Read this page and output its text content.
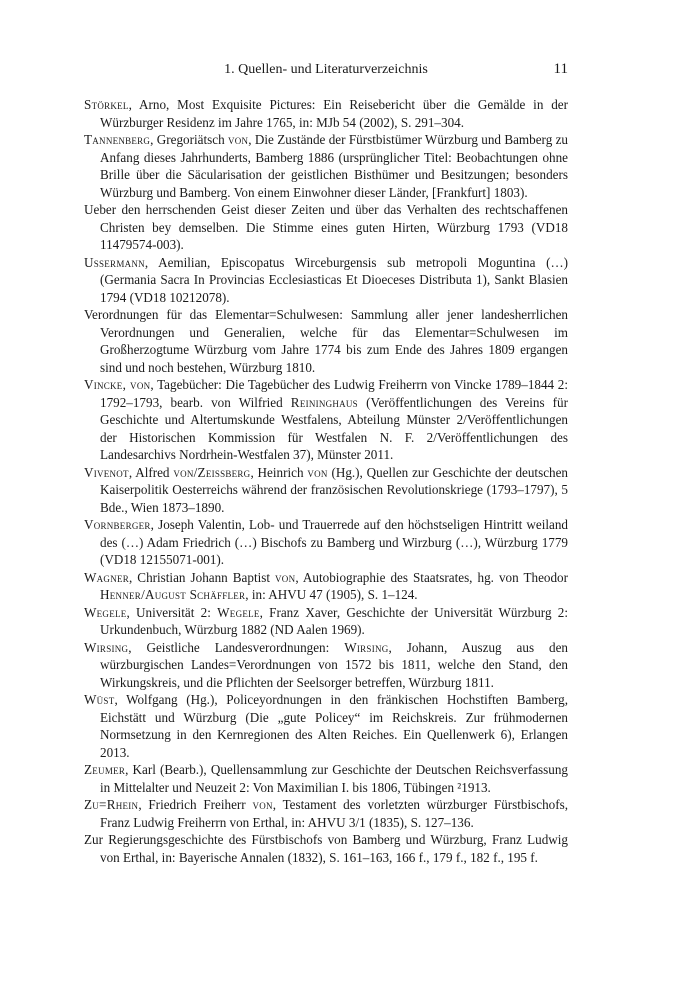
1. Quellen- und Literaturverzeichnis	11
Störkel, Arno, Most Exquisite Pictures: Ein Reisebericht über die Gemälde in der Würzburger Residenz im Jahre 1765, in: MJb 54 (2002), S. 291–304.
Tannenberg, Gregoriätsch von, Die Zustände der Fürstbistümer Würzburg und Bamberg zu Anfang dieses Jahrhunderts, Bamberg 1886 (ursprünglicher Titel: Beobachtungen ohne Brille über die Säcularisation der geistlichen Bisthümer und Besitzungen; besonders Würzburg und Bamberg. Von einem Einwohner dieser Länder, [Frankfurt] 1803).
Ueber den herrschenden Geist dieser Zeiten und über das Verhalten des rechtschaffenen Christen bey demselben. Die Stimme eines guten Hirten, Würzburg 1793 (VD18 11479574-003).
Ussermann, Aemilian, Episcopatus Wirceburgensis sub metropoli Moguntina (…) (Germania Sacra In Provincias Ecclesiasticas Et Dioeceses Distributa 1), Sankt Blasien 1794 (VD18 10212078).
Verordnungen für das Elementar=Schulwesen: Sammlung aller jener landesherrlichen Verordnungen und Generalien, welche für das Elementar=Schulwesen im Großherzogtume Würzburg vom Jahre 1774 bis zum Ende des Jahres 1809 ergangen sind und noch bestehen, Würzburg 1810.
Vincke, von, Tagebücher: Die Tagebücher des Ludwig Freiherrn von Vincke 1789–1844 2: 1792–1793, bearb. von Wilfried Reininghaus (Veröffentlichungen des Vereins für Geschichte und Altertumskunde Westfalens, Abteilung Münster 2/Veröffentlichungen der Historischen Kommission für Westfalen N. F. 2/Veröffentlichungen des Landesarchivs Nordrhein-Westfalen 37), Münster 2011.
Vivenot, Alfred von/Zeissberg, Heinrich von (Hg.), Quellen zur Geschichte der deutschen Kaiserpolitik Oesterreichs während der französischen Revolutionskriege (1793–1797), 5 Bde., Wien 1873–1890.
Vornberger, Joseph Valentin, Lob- und Trauerrede auf den höchstseligen Hintritt weiland des (…) Adam Friedrich (…) Bischofs zu Bamberg und Wirzburg (…), Würzburg 1779 (VD18 12155071-001).
Wagner, Christian Johann Baptist von, Autobiographie des Staatsrates, hg. von Theodor Henner/August Schäffler, in: AHVU 47 (1905), S. 1–124.
Wegele, Universität 2: Wegele, Franz Xaver, Geschichte der Universität Würzburg 2: Urkundenbuch, Würzburg 1882 (ND Aalen 1969).
Wirsing, Geistliche Landesverordnungen: Wirsing, Johann, Auszug aus den würzburgischen Landes=Verordnungen von 1572 bis 1811, welche den Stand, den Wirkungskreis, und die Pflichten der Seelsorger betreffen, Würzburg 1811.
Wüst, Wolfgang (Hg.), Policeyordnungen in den fränkischen Hochstiften Bamberg, Eichstätt und Würzburg (Die „gute Policey“ im Reichskreis. Zur frühmodernen Normsetzung in den Kernregionen des Alten Reiches. Ein Quellenwerk 6), Erlangen 2013.
Zeumer, Karl (Bearb.), Quellensammlung zur Geschichte der Deutschen Reichsverfassung in Mittelalter und Neuzeit 2: Von Maximilian I. bis 1806, Tübingen ²1913.
Zu=Rhein, Friedrich Freiherr von, Testament des vorletzten würzburger Fürstbischofs, Franz Ludwig Freiherrn von Erthal, in: AHVU 3/1 (1835), S. 127–136.
Zur Regierungsgeschichte des Fürstbischofs von Bamberg und Würzburg, Franz Ludwig von Erthal, in: Bayerische Annalen (1832), S. 161–163, 166 f., 179 f., 182 f., 195 f.
